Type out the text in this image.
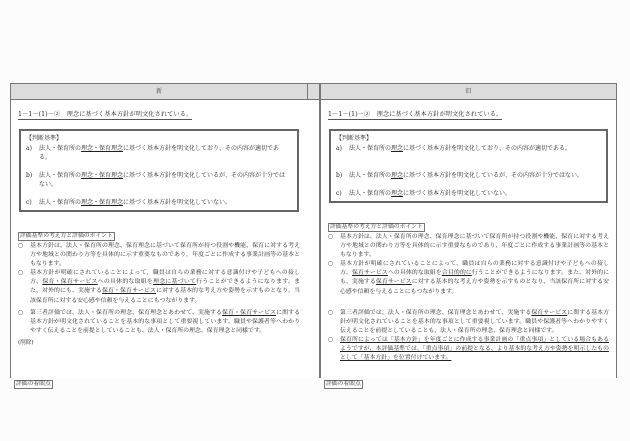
新
1－1－(1)－②　理念に基づく基本方針が明文化されている。
【判断基準】
a)	法人・保育所の理念・保育理念に基づく基本方針を明文化しており、その内容が適切である。
b)	法人・保育所の理念・保育理念に基づく基本方針を明文化しているが、その内容が十分ではない。
c)	法人・保育所の理念・保育理念に基づく基本方針を明文化していない。
評価基準の考え方と評価のポイント
○	基本方針は、法人・保育所の理念、保育理念に基づいて保育所が持つ役割や機能、保育に対する考え方や地域との関わり方等を具体的に示す重要なものであり，年度ごとに作成する事業計画等の基本ともなります。
○	基本方針が明確にされていることによって，職員は自らの業務に対する意識付けや子どもへの接し方、保育・保育サービスへの具体的な取組を理念に基づいて行うことができるようになります。また、対外的にも、実施する保育・保育サービスに対する基本的な考え方や姿勢を示すものとなり，当該保育所に対する安心感や信頼を与えることにもつながります。
○	第三者評価では、法人・保育所の理念、保育理念とあわせて、実施する保育・保育サービスに関する基本方針が明文化されていることを基本的な事項として重要視しています。職員や保護者等へわかりやすく伝えることを前提としていることも、法人・保育所の理念、保育理念と同様です。
(削除)
評価の着眼点
旧
1－1－(1)－②　理念に基づく基本方針が明文化されている。
【判断基準】
a)	法人・保育所の理念に基づく基本方針を明文化しており、その内容が適切である。
b)	法人・保育所の理念に基づく基本方針を明文化しているが、その内容が十分ではない。
c)	法人・保育所の理念に基づく基本方針を明文化していない。
評価基準の考え方と評価のポイント
○	基本方針は、法人・保育所の理念、保育理念に基づいて保育所が持つ役割や機能、保育に対する考え方や地域との関わり方等を具体的に示す重要なものであり、年度ごとに作成する事業計画等の基本ともなります。
○	基本方針が明確にされていることによって、職員は自らの業務に対する意識付けや子どもへの接し方、保育サービスへの具体的な取組を合目的的に行うことができるようになります。また、対外的にも、実施する保育サービスに対する基本的な考え方や姿勢を示すものとなり、当該保育所に対する安心感や信頼を与えることにもつながります。
○	第三者評価では、法人・保育所の理念、保育理念とあわせて、実施する保育サービスに関する基本方針が明文化されていることを基本的な事項として重要視しています。職員や保護者等へわかりやすく伝えることを前提としていることも、法人・保育所の理念、保育理念と同様です。
○	保育所によっては「基本方針」を年度ごとに作成する事業計画の「重点事項」としている場合もあるようですが、本評価基準では、「重点事項」の前提となる、より基本的な考え方や姿勢を明示したものとして「基本方針」を位置付けています。
評価の着眼点
